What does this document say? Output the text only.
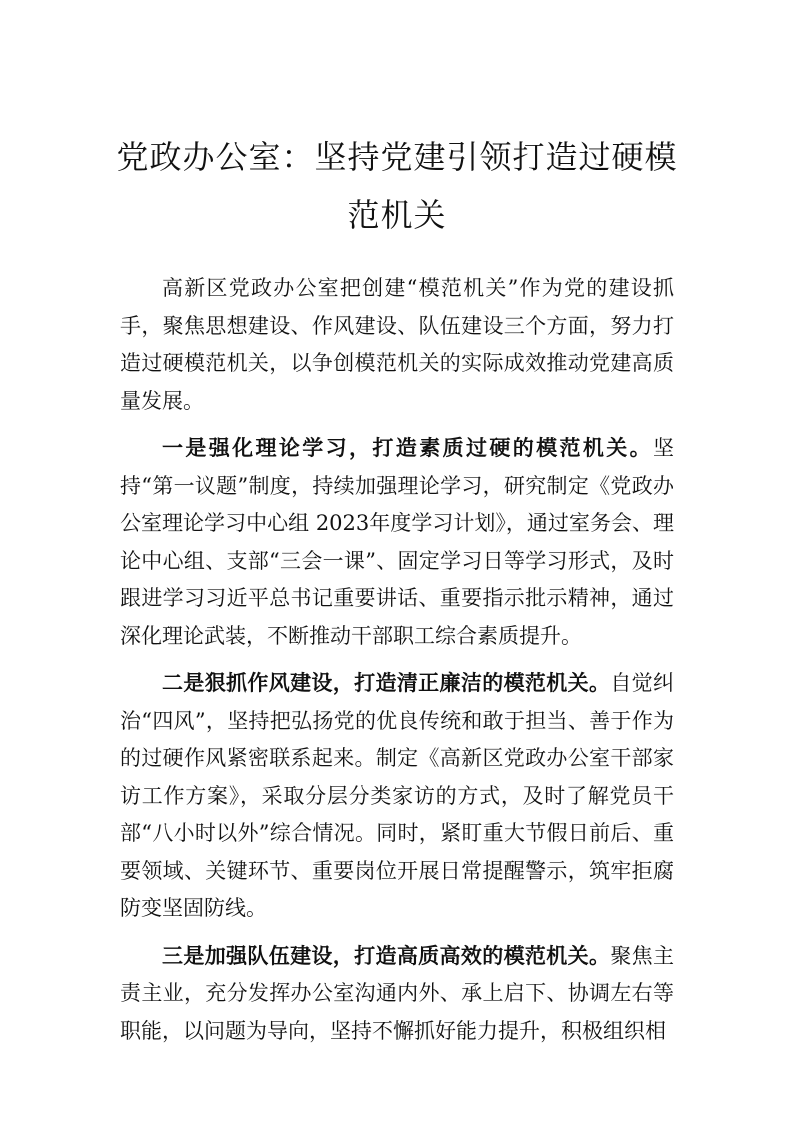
党政办公室：坚持党建引领打造过硬模范机关

高新区党政办公室把创建“模范机关”作为党的建设抓手，聚焦思想建设、作风建设、队伍建设三个方面，努力打造过硬模范机关，以争创模范机关的实际成效推动党建高质量发展。

一是强化理论学习，打造素质过硬的模范机关。坚持“第一议题”制度，持续加强理论学习，研究制定《党政办公室理论学习中心组 2023年度学习计划》，通过室务会、理论中心组、支部“三会一课”、固定学习日等学习形式，及时跟进学习习近平总书记重要讲话、重要指示批示精神，通过深化理论武装，不断推动干部职工综合素质提升。

二是狠抓作风建设，打造清正廉洁的模范机关。自觉纠治“四风”，坚持把弘扬党的优良传统和敢于担当、善于作为的过硬作风紧密联系起来。制定《高新区党政办公室干部家访工作方案》，采取分层分类家访的方式，及时了解党员干部“八小时以外”综合情况。同时，紧盯重大节假日前后、重要领域、关键环节、重要岗位开展日常提醒警示，筑牢拒腐防变坚固防线。

三是加强队伍建设，打造高质高效的模范机关。聚焦主责主业，充分发挥办公室沟通内外、承上启下、协调左右等职能，以问题为导向，坚持不懈抓好能力提升，积极组织相
